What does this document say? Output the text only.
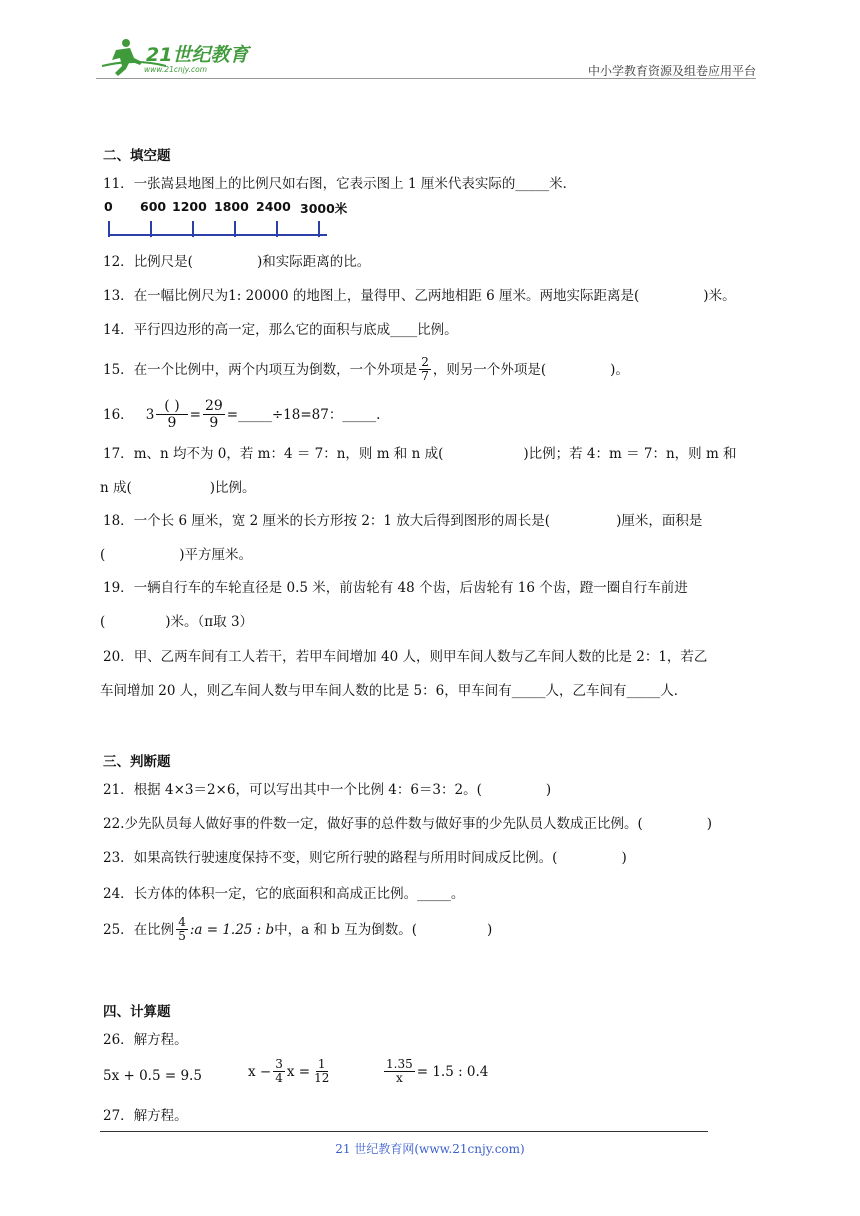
21世纪教育
www.21cnjy.com	中小学教育资源及组卷应用平台
二、填空题
11．一张嵩县地图上的比例尺如右图，它表示图上 1 厘米代表实际的_____米．
0 600 1200 1800 2400 3000米
12．比例尺是(	)和实际距离的比。
13．在一幅比例尺为1: 20000 的地图上，量得甲、乙两地相距 6 厘米。两地实际距离是(	)米。
14．平行四边形的高一定，那么它的面积与底成____比例。
15． 在一个比例中，两个内项互为倒数，一个外项是 $\frac{2}{7}$ ，则另一个外项是(	)。
16． $3 \frac{( )}{9} = \frac{29}{9}$ =_____÷18=87：_____.
17．m、n 均不为 0，若 m：4 ＝ 7：n，则 m 和 n 成(	)比例；若 4：m ＝ 7：n，则 m 和
n 成(	)比例。
18．一个长 6 厘米，宽 2 厘米的长方形按 2：1 放大后得到图形的周长是(	)厘米，面积是
(	)平方厘米。
19．一辆自行车的车轮直径是 0.5 米，前齿轮有 48 个齿，后齿轮有 16 个齿，蹬一圈自行车前进
(	)米。（π取 3）
20．甲、乙两车间有工人若干，若甲车间增加 40 人，则甲车间人数与乙车间人数的比是 2：1，若乙
车间增加 20 人，则乙车间人数与甲车间人数的比是 5：6，甲车间有_____人，乙车间有_____人．
三、判断题
21．根据 4×3＝2×6，可以写出其中一个比例 4：6＝3：2。(	)
22.少先队员每人做好事的件数一定，做好事的总件数与做好事的少先队员人数成正比例。(	)
23．如果高铁行驶速度保持不变，则它所行驶的路程与所用时间成反比例。(	)
24．长方体的体积一定，它的底面积和高成正比例。_____。
25． 在比例 $\frac{4}{5}$ :a = 1.25 : b 中，a 和 b 互为倒数。(	)
四、计算题
26．解方程。
5x + 0.5 = 9.5	$x - \frac{3}{4}$ $x = \frac{1}{12}$	$\frac{1.35}{x} = 1.5$ : 0.4
27．解方程。
21 世纪教育网(www.21cnjy.com)
